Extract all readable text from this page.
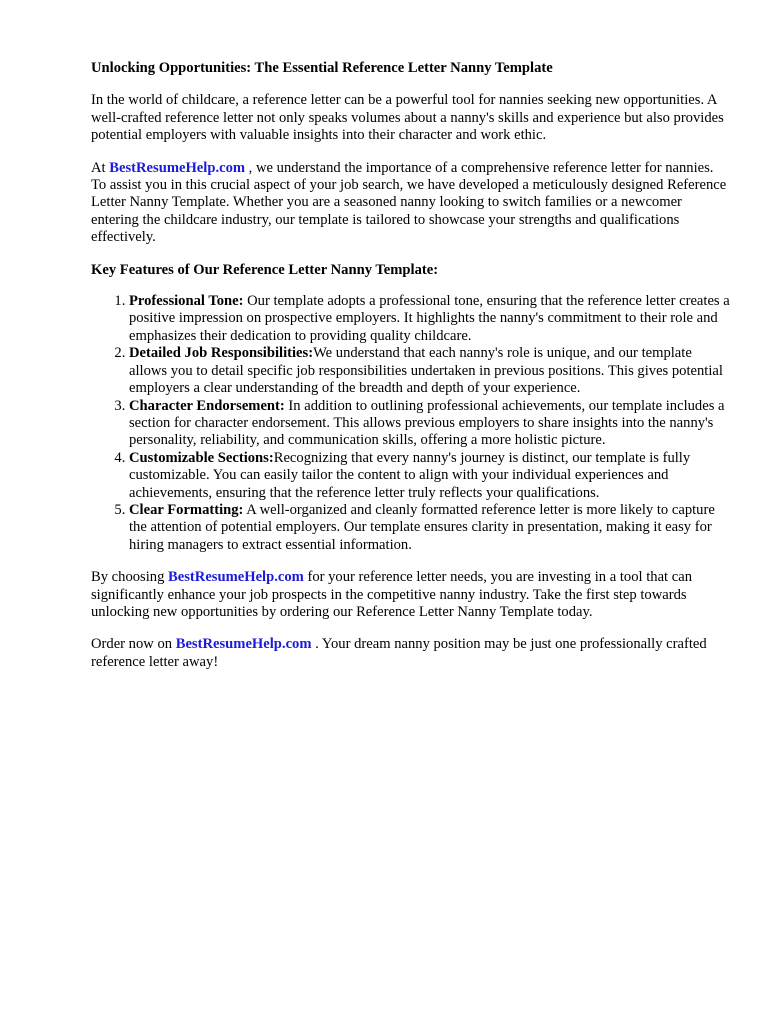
Unlocking Opportunities: The Essential Reference Letter Nanny Template

In the world of childcare, a reference letter can be a powerful tool for nannies seeking new opportunities. A well-crafted reference letter not only speaks volumes about a nanny's skills and experience but also provides potential employers with valuable insights into their character and work ethic.

At BestResumeHelp.com , we understand the importance of a comprehensive reference letter for nannies. To assist you in this crucial aspect of your job search, we have developed a meticulously designed Reference Letter Nanny Template. Whether you are a seasoned nanny looking to switch families or a newcomer entering the childcare industry, our template is tailored to showcase your strengths and qualifications effectively.

Key Features of Our Reference Letter Nanny Template:
1. Professional Tone: Our template adopts a professional tone, ensuring that the reference letter creates a positive impression on prospective employers. It highlights the nanny's commitment to their role and emphasizes their dedication to providing quality childcare.
2. Detailed Job Responsibilities:We understand that each nanny's role is unique, and our template allows you to detail specific job responsibilities undertaken in previous positions. This gives potential employers a clear understanding of the breadth and depth of your experience.
3. Character Endorsement: In addition to outlining professional achievements, our template includes a section for character endorsement. This allows previous employers to share insights into the nanny's personality, reliability, and communication skills, offering a more holistic picture.
4. Customizable Sections:Recognizing that every nanny's journey is distinct, our template is fully customizable. You can easily tailor the content to align with your individual experiences and achievements, ensuring that the reference letter truly reflects your qualifications.
5. Clear Formatting: A well-organized and cleanly formatted reference letter is more likely to capture the attention of potential employers. Our template ensures clarity in presentation, making it easy for hiring managers to extract essential information.

By choosing BestResumeHelp.com for your reference letter needs, you are investing in a tool that can significantly enhance your job prospects in the competitive nanny industry. Take the first step towards unlocking new opportunities by ordering our Reference Letter Nanny Template today.

Order now on BestResumeHelp.com . Your dream nanny position may be just one professionally crafted reference letter away!
